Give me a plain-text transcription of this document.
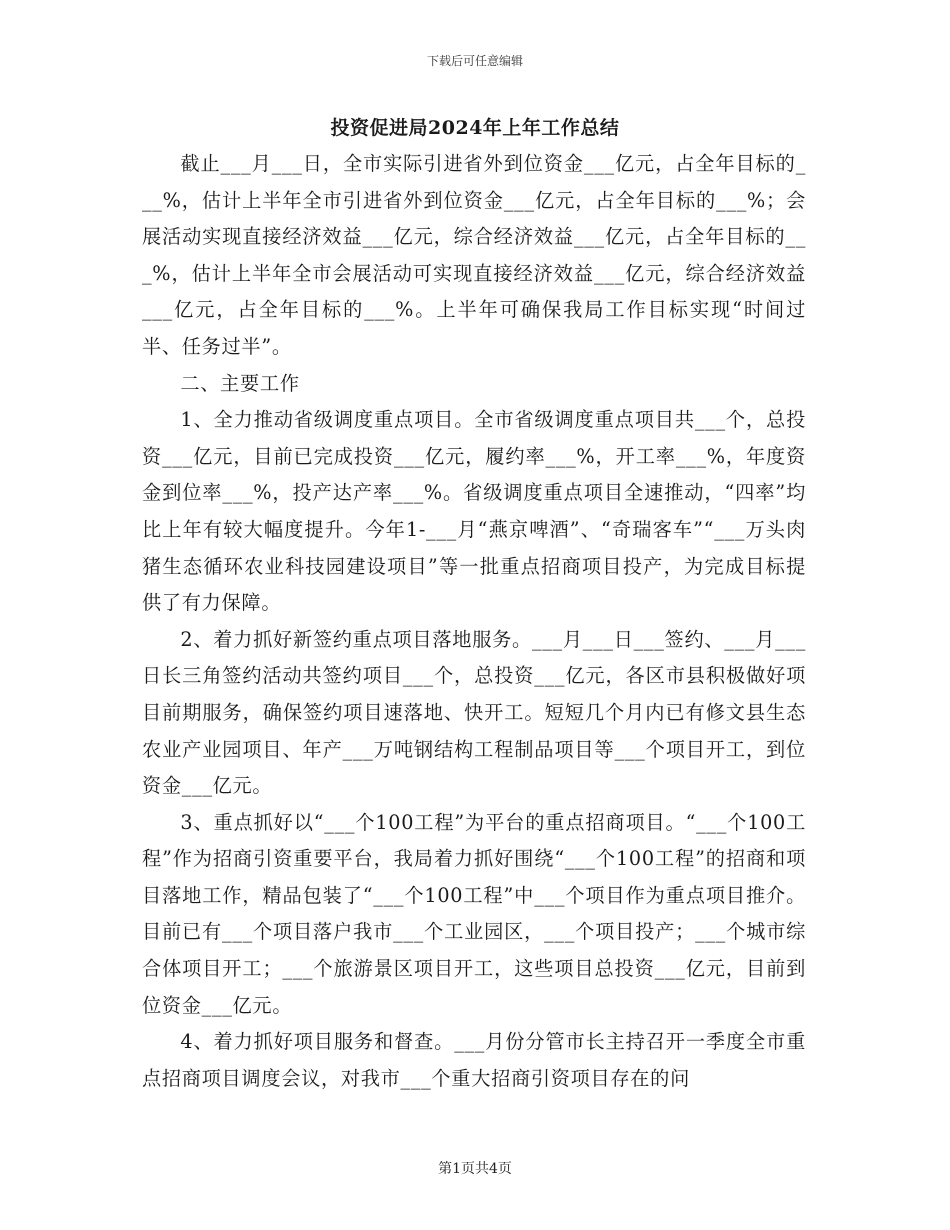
下载后可任意编辑
投资促进局2024年上年工作总结

截止___月___日，全市实际引进省外到位资金___亿元，占全年目标的___%，估计上半年全市引进省外到位资金___亿元，占全年目标的___%；会展活动实现直接经济效益___亿元，综合经济效益___亿元，占全年目标的___%，估计上半年全市会展活动可实现直接经济效益___亿元，综合经济效益___亿元，占全年目标的___%。上半年可确保我局工作目标实现“时间过半、任务过半”。

二、主要工作

1、全力推动省级调度重点项目。全市省级调度重点项目共___个，总投资___亿元，目前已完成投资___亿元，履约率___%，开工率___%，年度资金到位率___%，投产达产率___%。省级调度重点项目全速推动，“四率”均比上年有较大幅度提升。今年1-___月“燕京啤酒”、“奇瑞客车”“___万头肉猪生态循环农业科技园建设项目”等一批重点招商项目投产，为完成目标提供了有力保障。

2、着力抓好新签约重点项目落地服务。___月___日___签约、___月___日长三角签约活动共签约项目___个，总投资___亿元，各区市县积极做好项目前期服务，确保签约项目速落地、快开工。短短几个月内已有修文县生态农业产业园项目、年产___万吨钢结构工程制品项目等___个项目开工，到位资金___亿元。

3、重点抓好以“___个100工程”为平台的重点招商项目。“___个100工程”作为招商引资重要平台，我局着力抓好围绕“___个100工程”的招商和项目落地工作，精品包装了“___个100工程”中___个项目作为重点项目推介。目前已有___个项目落户我市___个工业园区，___个项目投产；___个城市综合体项目开工；___个旅游景区项目开工，这些项目总投资___亿元，目前到位资金___亿元。

4、着力抓好项目服务和督查。___月份分管市长主持召开一季度全市重点招商项目调度会议，对我市___个重大招商引资项目存在的问

第1页共4页
